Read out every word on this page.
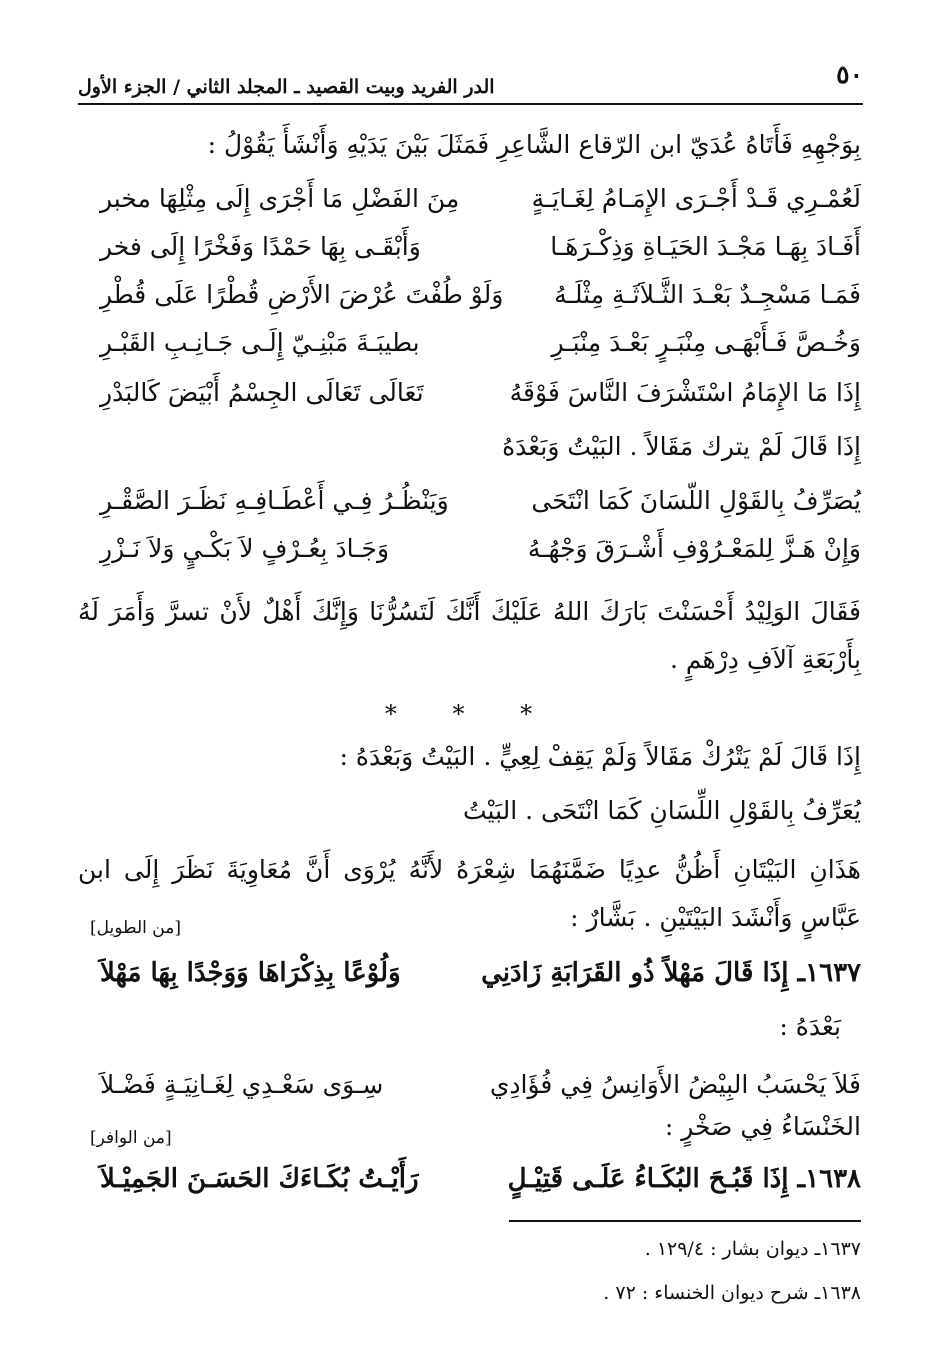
٥٠
الدر الفريد وبيت القصيد ـ المجلد الثاني / الجزء الأول
بِوَجْهِهِ فَأَتَاهُ عُدَيّ ابن الرّقاع الشَّاعِرِ فَمَثَلَ بَيْنَ يَدَيْهِ وَأَنْشَأَ يَقُوْلُ :
لَعُمْـرِي قَـدْ أَجْـرَى الإِمَـامُ لِغَـايَـةٍ
مِنَ الفَضْلِ مَا أَجْرَى إِلَى مِثْلِهَا مخبر
أَفَـادَ بِهَـا مَجْـدَ الحَيَـاةِ وَذِكْـرَهَـا
وَأَبْقَـى بِهَا حَمْدًا وَفَخْرًا إِلَى فخر
فَمَـا مَسْجِـدٌ بَعْـدَ الثَّـلاَثَـةِ مِثْلَـهُ
وَلَوْ طُفْتَ عُرْضَ الأَرْضِ قُطْرًا عَلَى قُطْرِ
وَخُـصَّ فَـأَبْهَـى مِنْبَـرٍ بَعْـدَ مِنْبَـرِ
بطيبَـةَ مَبْنِـيّ إِلَـى جَـانِـبِ القَبْـرِ
إِذَا مَا الإِمَامُ اسْتَشْرَفَ النَّاسَ فَوْقَهُ
تَعَالَى تَعَالَى الجِسْمُ أَبْيَضَ كَالبَدْرِ
إِذَا قَالَ لَمْ يترك مَقَالاً . البَيْتُ وَبَعْدَهُ
يُصَرِّفُ بِالقَوْلِ اللّسَانَ كَمَا انْتَحَى
وَيَنْظُـرُ فِـي أَعْطَـافِـهِ نَظَـرَ الصَّقْـرِ
وَإِنْ هَـزَّ لِلمَعْـرُوْفِ أَشْـرَقَ وَجْهُـهُ
وَجَـادَ بِعُـرْفٍ لاَ بَكْـيٍ وَلاَ نَـزْرِ
فَقَالَ الوَلِيْدُ أَحْسَنْتَ بَارَكَ اللهُ عَلَيْكَ أَنَّكَ لَتَسُرُّنَا وَإِنَّكَ أَهْلٌ لأَنْ تسرَّ وَأَمَرَ لَهُ بِأَرْبَعَةِ آلاَفِ دِرْهَمٍ .
* * *
إِذَا قَالَ لَمْ يَتْرُكْ مَقَالاً وَلَمْ يَقِفْ لِعِيٍّ . البَيْتُ وَبَعْدَهُ :
يُعَرِّفُ بِالقَوْلِ اللِّسَانِ كَمَا انْتَحَى . البَيْتُ
هَذَانِ البَيْتَانِ أَظُنُّ عدِيًا ضَمَّنَهُمَا شِعْرَهُ لأَنَّهُ يُرْوَى أَنَّ مُعَاوِيَةَ نَظَرَ إِلَى ابن عَبَّاسٍ وَأَنْشَدَ البَيْتَيْنِ . بَشَّارٌ :
[من الطويل]
١٦٣٧ـ إِذَا قَالَ مَهْلاً ذُو القَرَابَةِ زَادَنِي
وَلُوْعًا بِذِكْرَاهَا وَوَجْدًا بِهَا مَهْلاَ
بَعْدَهُ :
فَلاَ يَحْسَبُ البِيْضُ الأَوَانِسُ فِي فُؤَادِي
سِـوَى سَعْـدِي لِغَـانِيَـةٍ فَضْـلاَ
الخَنْسَاءُ فِي صَخْرٍ :
[من الوافر]
١٦٣٨ـ إِذَا قَبُـحَ البُكَـاءُ عَلَـى قَتِيْـلٍ
رَأَيْـتُ بُكَـاءَكَ الحَسَـنَ الجَمِيْـلاَ
١٦٣٧ـ ديوان بشار : ١٢٩/٤ .
١٦٣٨ـ شرح ديوان الخنساء : ٧٢ .
